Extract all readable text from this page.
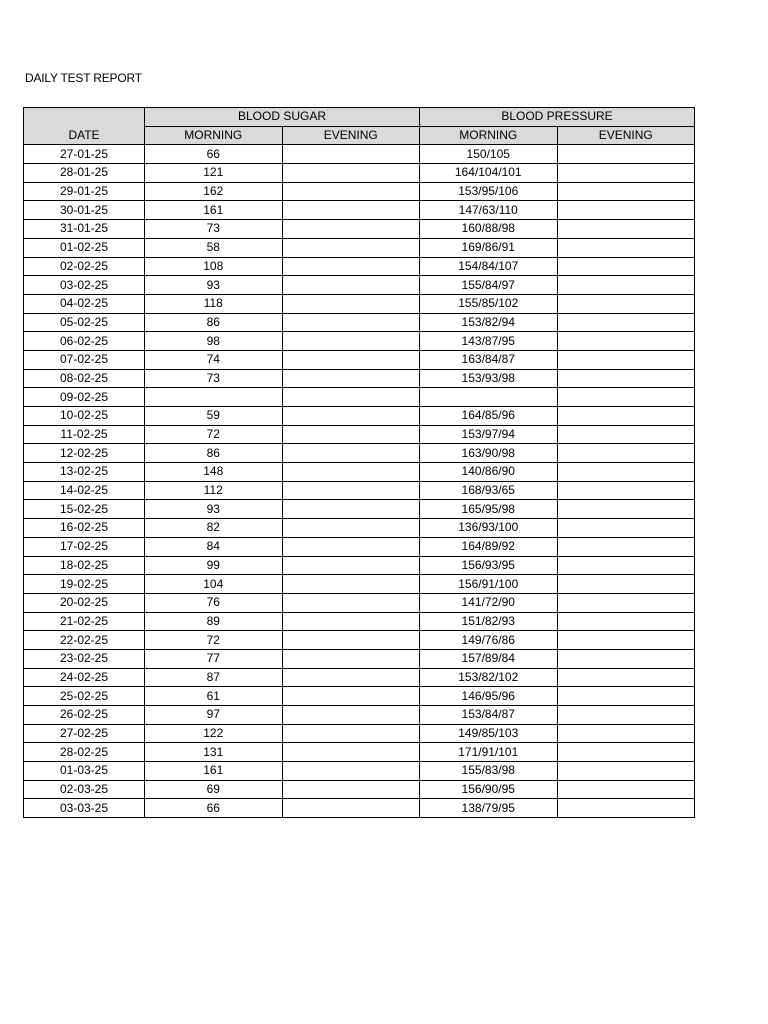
DAILY TEST REPORT
DATE	BLOOD SUGAR		BLOOD PRESSURE	
	MORNING	EVENING	MORNING	EVENING
27-01-25	66		150/105	
28-01-25	121		164/104/101	
29-01-25	162		153/95/106	
30-01-25	161		147/63/110	
31-01-25	73		160/88/98	
01-02-25	58		169/86/91	
02-02-25	108		154/84/107	
03-02-25	93		155/84/97	
04-02-25	118		155/85/102	
05-02-25	86		153/82/94	
06-02-25	98		143/87/95	
07-02-25	74		163/84/87	
08-02-25	73		153/93/98	
09-02-25				
10-02-25	59		164/85/96	
11-02-25	72		153/97/94	
12-02-25	86		163/90/98	
13-02-25	148		140/86/90	
14-02-25	112		168/93/65	
15-02-25	93		165/95/98	
16-02-25	82		136/93/100	
17-02-25	84		164/89/92	
18-02-25	99		156/93/95	
19-02-25	104		156/91/100	
20-02-25	76		141/72/90	
21-02-25	89		151/82/93	
22-02-25	72		149/76/86	
23-02-25	77		157/89/84	
24-02-25	87		153/82/102	
25-02-25	61		146/95/96	
26-02-25	97		153/84/87	
27-02-25	122		149/85/103	
28-02-25	131		171/91/101	
01-03-25	161		155/83/98	
02-03-25	69		156/90/95	
03-03-25	66		138/79/95	
